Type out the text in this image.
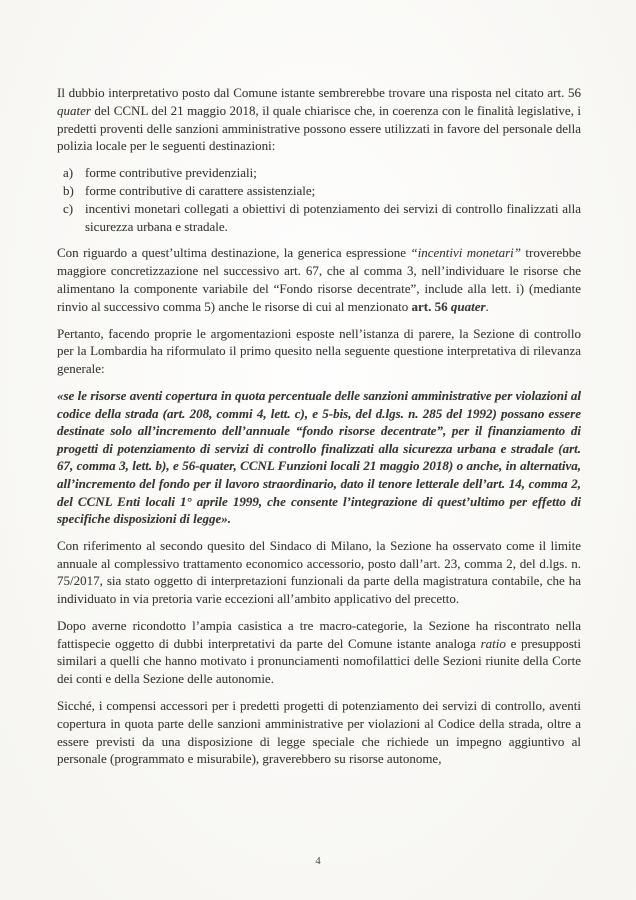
Il dubbio interpretativo posto dal Comune istante sembrerebbe trovare una risposta nel citato art. 56 quater del CCNL del 21 maggio 2018, il quale chiarisce che, in coerenza con le finalità legislative, i predetti proventi delle sanzioni amministrative possono essere utilizzati in favore del personale della polizia locale per le seguenti destinazioni:

a) forme contributive previdenziali;
b) forme contributive di carattere assistenziale;
c) incentivi monetari collegati a obiettivi di potenziamento dei servizi di controllo finalizzati alla sicurezza urbana e stradale.

Con riguardo a quest’ultima destinazione, la generica espressione “incentivi monetari” troverebbe maggiore concretizzazione nel successivo art. 67, che al comma 3, nell’individuare le risorse che alimentano la componente variabile del “Fondo risorse decentrate”, include alla lett. i) (mediante rinvio al successivo comma 5) anche le risorse di cui al menzionato art. 56 quater.

Pertanto, facendo proprie le argomentazioni esposte nell’istanza di parere, la Sezione di controllo per la Lombardia ha riformulato il primo quesito nella seguente questione interpretativa di rilevanza generale:

«se le risorse aventi copertura in quota percentuale delle sanzioni amministrative per violazioni al codice della strada (art. 208, commi 4, lett. c), e 5-bis, del d.lgs. n. 285 del 1992) possano essere destinate solo all’incremento dell’annuale “fondo risorse decentrate”, per il finanziamento di progetti di potenziamento di servizi di controllo finalizzati alla sicurezza urbana e stradale (art. 67, comma 3, lett. b), e 56-quater, CCNL Funzioni locali 21 maggio 2018) o anche, in alternativa, all’incremento del fondo per il lavoro straordinario, dato il tenore letterale dell’art. 14, comma 2, del CCNL Enti locali 1° aprile 1999, che consente l’integrazione di quest’ultimo per effetto di specifiche disposizioni di legge».

Con riferimento al secondo quesito del Sindaco di Milano, la Sezione ha osservato come il limite annuale al complessivo trattamento economico accessorio, posto dall’art. 23, comma 2, del d.lgs. n. 75/2017, sia stato oggetto di interpretazioni funzionali da parte della magistratura contabile, che ha individuato in via pretoria varie eccezioni all’ambito applicativo del precetto.

Dopo averne ricondotto l’ampia casistica a tre macro-categorie, la Sezione ha riscontrato nella fattispecie oggetto di dubbi interpretativi da parte del Comune istante analoga ratio e presupposti similari a quelli che hanno motivato i pronunciamenti nomofilattici delle Sezioni riunite della Corte dei conti e della Sezione delle autonomie.

Sicché, i compensi accessori per i predetti progetti di potenziamento dei servizi di controllo, aventi copertura in quota parte delle sanzioni amministrative per violazioni al Codice della strada, oltre a essere previsti da una disposizione di legge speciale che richiede un impegno aggiuntivo al personale (programmato e misurabile), graverebbero su risorse autonome,

4
